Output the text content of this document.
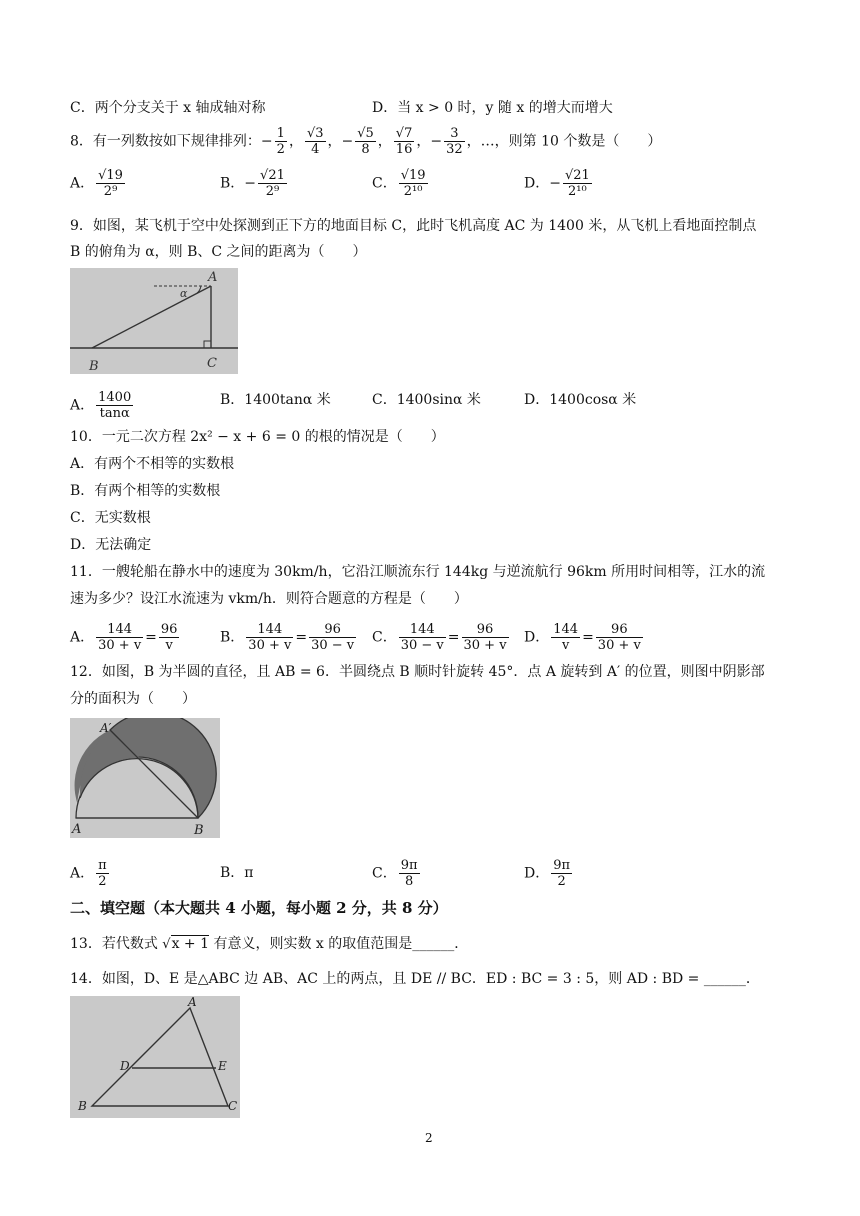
C．两个分支关于 x 轴成轴对称	D．当 x > 0 时，y 随 x 的增大而增大
8．有一列数按如下规律排列：− $\frac{1}{2}$ ， $\frac{√3}{4}$ ，− $\frac{√5}{8}$ ， $\frac{√7}{16}$ ，− $\frac{3}{32}$ ，…，则第 10 个数是（　　）
A． $\frac{√19}{\text{2⁹}}$	B．− $\frac{√21}{\text{2⁹}}$	C． $\frac{√19}{\text{2¹⁰}}$	D．− $\frac{√21}{\text{2¹⁰}}$
9．如图，某飞机于空中处探测到正下方的地面目标 C，此时飞机高度 AC 为 1400 米，从飞机上看地面控制点
B 的俯角为 α，则 B、C 之间的距离为（　　）
A
B	C
α
A． $\frac{1400}{\tan\alpha}$	B．1400tanα 米	C．1400sinα 米	D．1400cosα 米
10．一元二次方程 2x² − x + 6 = 0 的根的情况是（　　）
A．有两个不相等的实数根
B．有两个相等的实数根
C．无实数根
D．无法确定
11．一艘轮船在静水中的速度为 30km/h，它沿江顺流东行 144kg 与逆流航行 96km 所用时间相等，江水的流
速为多少？设江水流速为 vkm/h．则符合题意的方程是（　　）
A． $\frac{144}{30 + v} = \frac{96}{v}$	B． $\frac{144}{30 + v} = \frac{96}{30 - v}$ C． $\frac{144}{30 - v} = \frac{96}{30 + v}$ D． $\frac{144}{v} = \frac{96}{30 + v}$
12．如图，B 为半圆的直径，且 AB = 6．半圆绕点 B 顺时针旋转 45°．点 A 旋转到 A′ 的位置，则图中阴影部
分的面积为（　　）
A	B
A′
A． $\frac{\pi}{2}$	B．π	C． $\frac{9\pi}{8}$	D． $\frac{9\pi}{2}$
二、填空题（本大题共 4 小题，每小题 2 分，共 8 分）
13．若代数式 √x + 1 有意义，则实数 x 的取值范围是______．
14．如图，D、E 是△ABC 边 AB、AC 上的两点，且 DE // BC．ED : BC = 3 : 5，则 AD : BD = ______．
A
B	C
D	E
2
